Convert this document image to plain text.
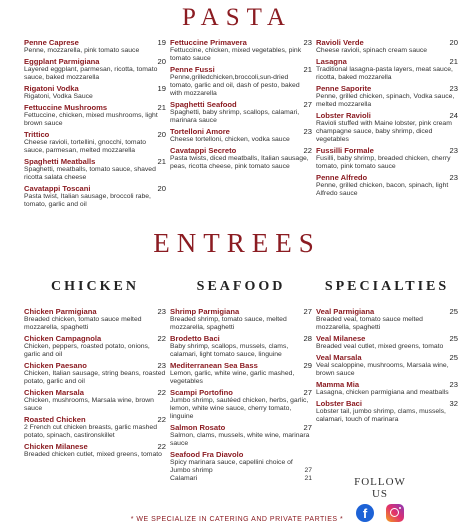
PASTA
Penne Caprese	19
Penne, mozzarella, pink tomato sauce
Eggplant Parmigiana	20
Layered eggplant, parmesan, ricotta, tomato sauce, baked mozzarella
Rigatoni Vodka	19
Rigatoni, Vodka Sauce
Fettuccine Mushrooms	21
Fettuccine, chicken, mixed mushrooms, light brown sauce
Trittico	20
Cheese ravioli, tortellini, gnocchi, tomato sauce, parmesan, melted mozzarella
Spaghetti Meatballs	21
Spaghetti, meatballs, tomato sauce, shaved ricotta salata cheese
Cavatappi Toscani	20
Pasta twist, Italian sausage, broccoli rabe, tomato, garlic and oil
Fettuccine Primavera	23
Fettuccine, chicken, mixed vegetables, pink tomato sauce
Penne Fussi	21
Penne,grilledchicken,broccoli,sun-dried tomato, garlic and oil, dash of pesto, baked with mozzarella
Spaghetti Seafood	27
Spaghetti, baby shrimp, scallops, calamari, marinara sauce
Tortelloni Amore	23
Cheese tortelloni, chicken, vodka sauce
Cavatappi Secreto	22
Pasta twists, diced meatballs, Italian sausage, peas, ricotta cheese, pink tomato sauce
Ravioli Verde	20
Cheese ravioli, spinach cream sauce
Lasagna	21
Traditional lasagna-pasta layers, meat sauce, ricotta, baked mozzarella
Penne Saporite	23
Penne, grilled chicken, spinach, Vodka sauce, melted mozzarella
Lobster Ravioli	24
Ravioli stuffed with Maine lobster, pink cream champagne sauce, baby shrimp, diced vegetables
Fussilli Formale	23
Fusilli, baby shrimp, breaded chicken, cherry tomato, pink tomato sauce
Penne Alfredo	23
Penne, grilled chicken, bacon, spinach, light Alfredo sauce
ENTREES
CHICKEN	SEAFOOD	SPECIALTIES
Chicken Parmigiana	23
Breaded chicken, tomato sauce melted mozzarella, spaghetti
Chicken Campagnola	22
Chicken, peppers, roasted potato, onions, garlic and oil
Chicken Paesano	23
Chicken, Italian sausage, string beans, roasted potato, garlic and oil
Chicken Marsala	22
Chicken, mushrooms, Marsala wine, brown sauce
Roasted Chicken	22
2 French cut chicken breasts, garlic mashed potato, spinach, castironskillet
Chicken Milanese	22
Breaded chicken cutlet, mixed greens, tomato
Shrimp Parmigiana	27
Breaded shrimp, tomato sauce, melted mozzarella, spaghetti
Brodetto Baci	28
Baby shrimp, scallops, mussels, clams, calamari, light tomato sauce, linguine
Mediterranean Sea Bass	29
Lemon, garlic, white wine, garlic mashed, vegetables
Scampi Portofino	27
Jumbo shrimp, sautéed chicken, herbs, garlic, lemon, white wine sauce, cherry tomato, linguine
Salmon Rosato	27
Salmon, clams, mussels, white wine, marinara sauce
Seafood Fra Diavolo
Spicy marinara sauce, capellini choice of
Jumbo shrimp	27
Calamari	21
Veal Parmigiana	25
Breaded veal, tomato sauce melted mozzarella, spaghetti
Veal Milanese	25
Breaded veal cutlet, mixed greens, tomato
Veal Marsala	25
Veal scaloppine, mushrooms, Marsala wine, brown sauce
Mamma Mia	23
Lasagna, chicken parmigiana and meatballs
Lobster Baci	32
Lobster tail, jumbo shrimp, clams, mussels, calamari, touch of marinara
FOLLOW US
f
* WE SPECIALIZE IN CATERING AND PRIVATE PARTIES *
